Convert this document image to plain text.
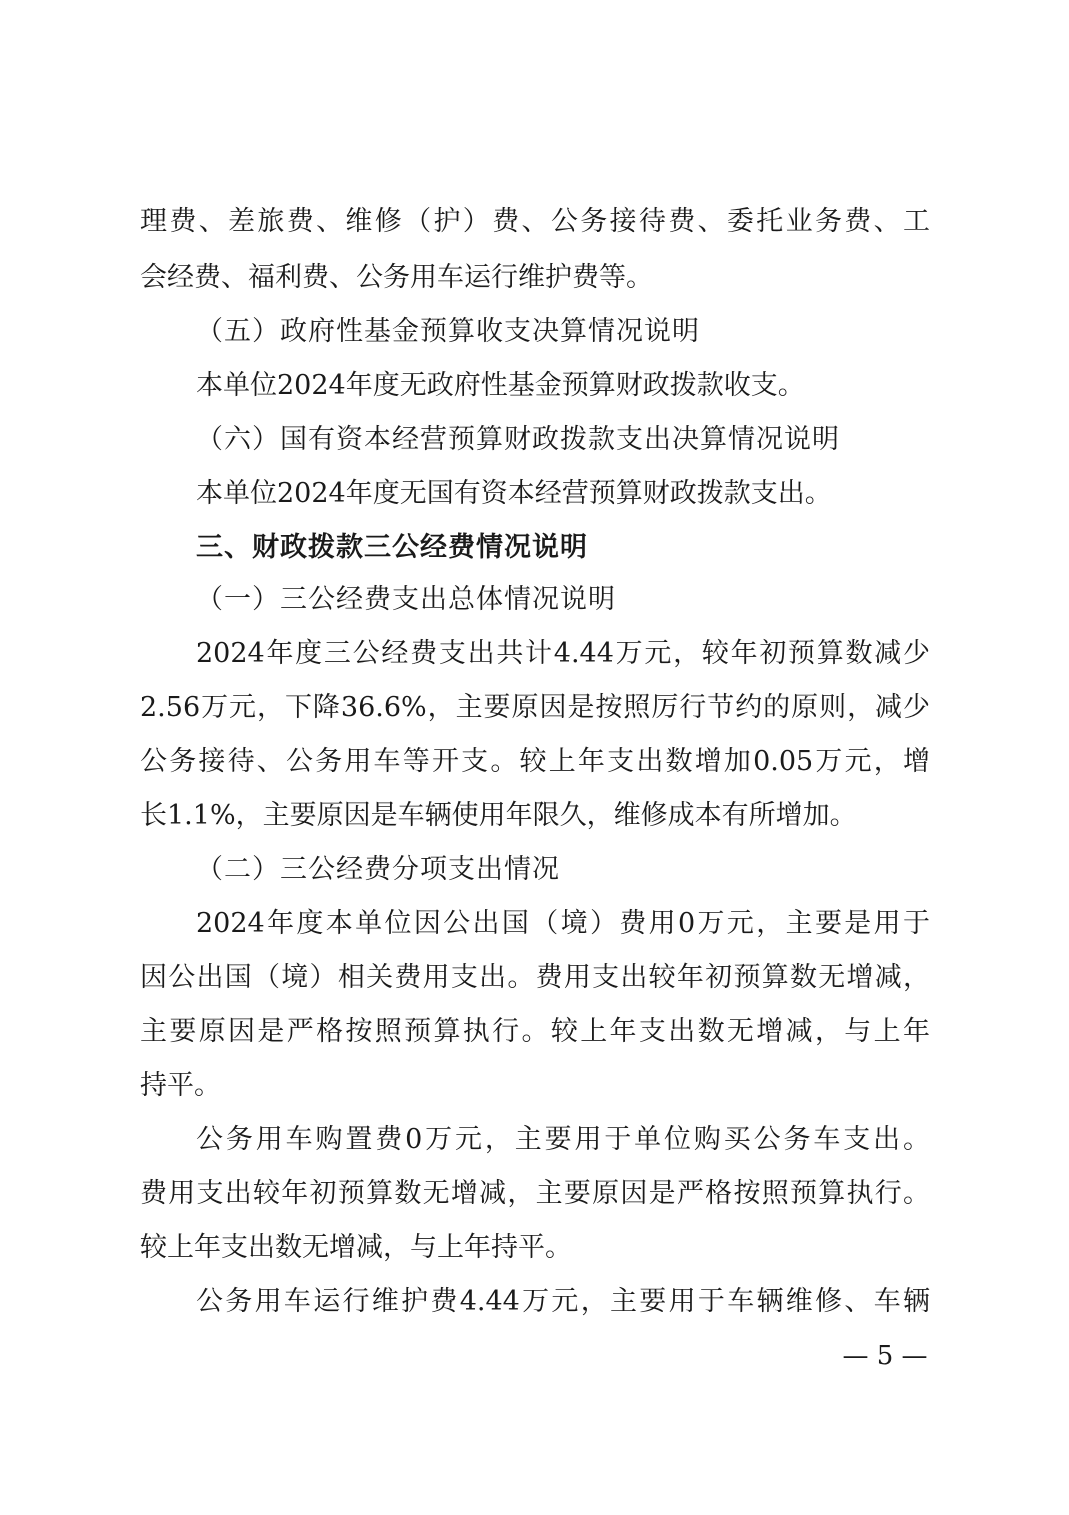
理费、差旅费、维修（护）费、公务接待费、委托业务费、工
会经费、福利费、公务用车运行维护费等。
（五）政府性基金预算收支决算情况说明
本单位2024年度无政府性基金预算财政拨款收支。
（六）国有资本经营预算财政拨款支出决算情况说明
本单位2024年度无国有资本经营预算财政拨款支出。
三、财政拨款三公经费情况说明
（一）三公经费支出总体情况说明
2024年度三公经费支出共计4.44万元，较年初预算数减少
2.56万元，下降36.6%，主要原因是按照厉行节约的原则，减少
公务接待、公务用车等开支。较上年支出数增加0.05万元，增
长1.1%，主要原因是车辆使用年限久，维修成本有所增加。
（二）三公经费分项支出情况
2024年度本单位因公出国（境）费用0万元，主要是用于
因公出国（境）相关费用支出。费用支出较年初预算数无增减，
主要原因是严格按照预算执行。较上年支出数无增减，与上年
持平。
公务用车购置费0万元，主要用于单位购买公务车支出。
费用支出较年初预算数无增减，主要原因是严格按照预算执行。
较上年支出数无增减，与上年持平。
公务用车运行维护费4.44万元，主要用于车辆维修、车辆
— 5 —
